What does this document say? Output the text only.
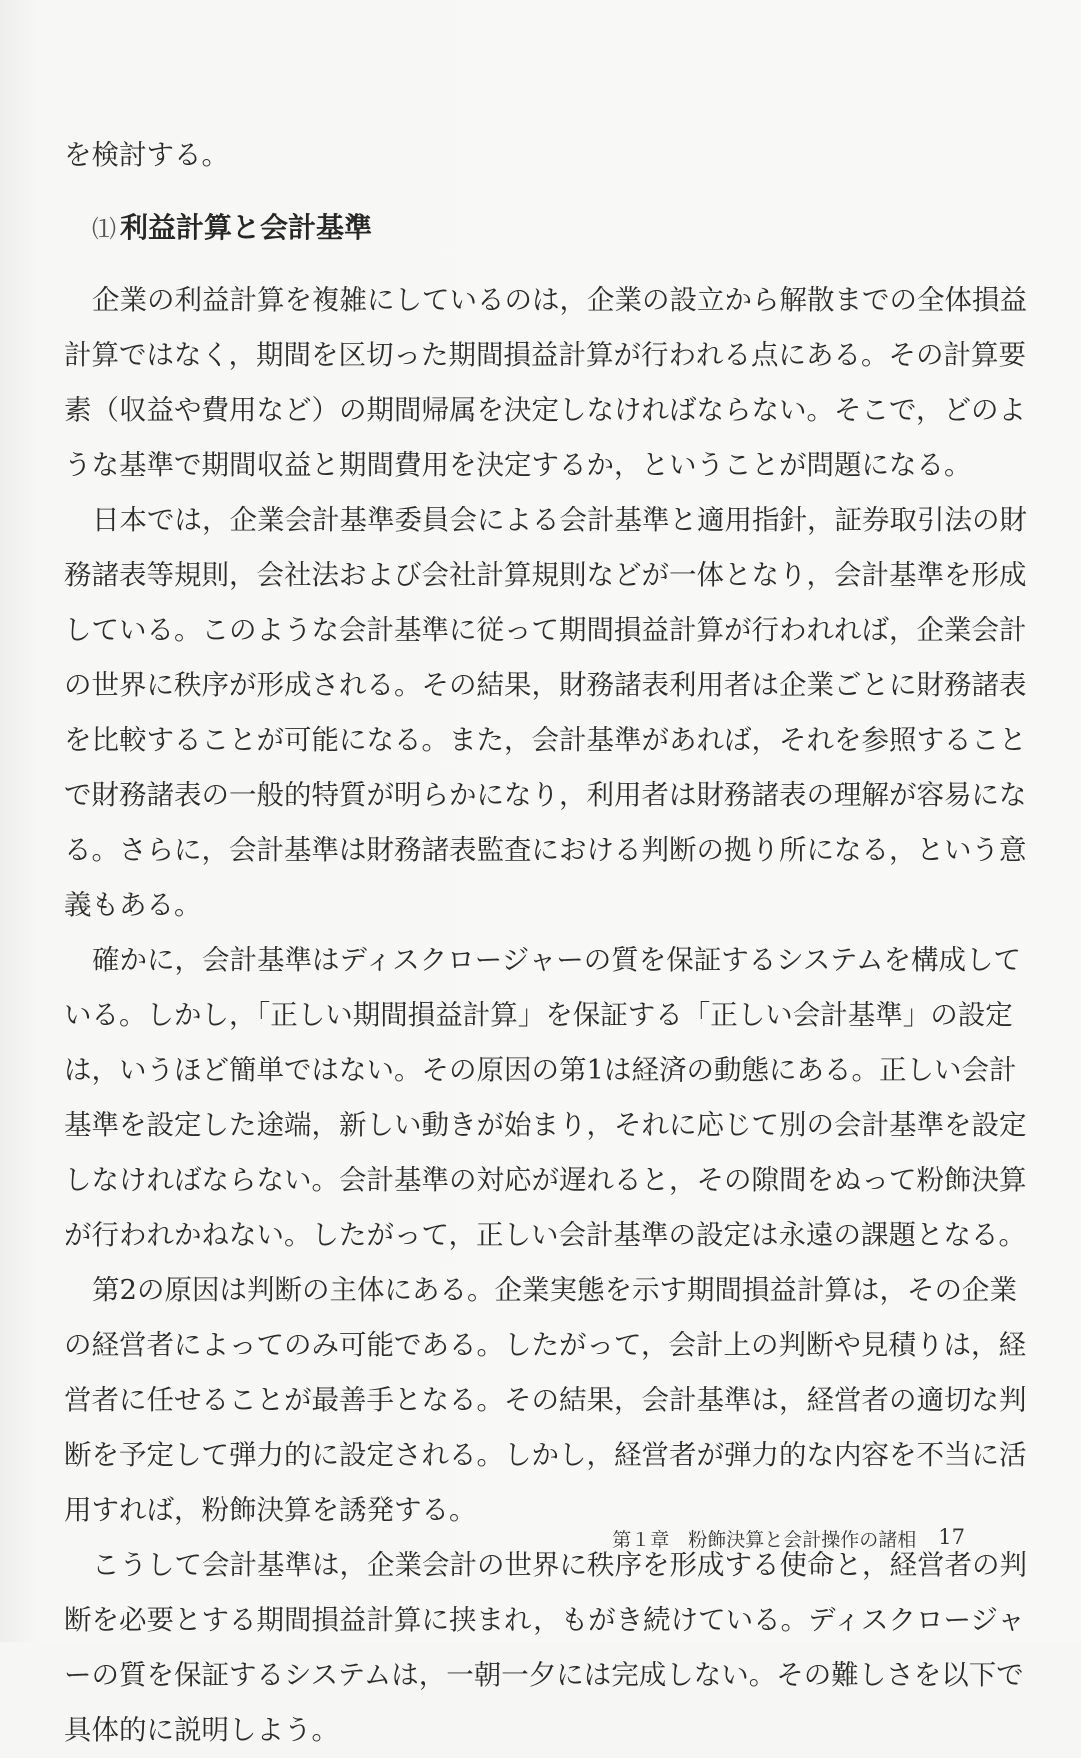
を検討する。
⑴ 利益計算と会計基準
企業の利益計算を複雑にしているのは，企業の設立から解散までの全体損益
計算ではなく，期間を区切った期間損益計算が行われる点にある。その計算要
素（収益や費用など）の期間帰属を決定しなければならない。そこで，どのよ
うな基準で期間収益と期間費用を決定するか，ということが問題になる。
日本では，企業会計基準委員会による会計基準と適用指針，証券取引法の財
務諸表等規則，会社法および会社計算規則などが一体となり，会計基準を形成
している。このような会計基準に従って期間損益計算が行われれば，企業会計
の世界に秩序が形成される。その結果，財務諸表利用者は企業ごとに財務諸表
を比較することが可能になる。また，会計基準があれば，それを参照すること
で財務諸表の一般的特質が明らかになり，利用者は財務諸表の理解が容易にな
る。さらに，会計基準は財務諸表監査における判断の拠り所になる，という意
義もある。
確かに，会計基準はディスクロージャーの質を保証するシステムを構成して
いる。しかし，「正しい期間損益計算」を保証する「正しい会計基準」の設定
は，いうほど簡単ではない。その原因の第1は経済の動態にある。正しい会計
基準を設定した途端，新しい動きが始まり，それに応じて別の会計基準を設定
しなければならない。会計基準の対応が遅れると，その隙間をぬって粉飾決算
が行われかねない。したがって，正しい会計基準の設定は永遠の課題となる。
第2の原因は判断の主体にある。企業実態を示す期間損益計算は，その企業
の経営者によってのみ可能である。したがって，会計上の判断や見積りは，経
営者に任せることが最善手となる。その結果，会計基準は，経営者の適切な判
断を予定して弾力的に設定される。しかし，経営者が弾力的な内容を不当に活
用すれば，粉飾決算を誘発する。
こうして会計基準は，企業会計の世界に秩序を形成する使命と，経営者の判
断を必要とする期間損益計算に挟まれ，もがき続けている。ディスクロージャ
ーの質を保証するシステムは，一朝一夕には完成しない。その難しさを以下で
具体的に説明しよう。
第１章　粉飾決算と会計操作の諸相 17
